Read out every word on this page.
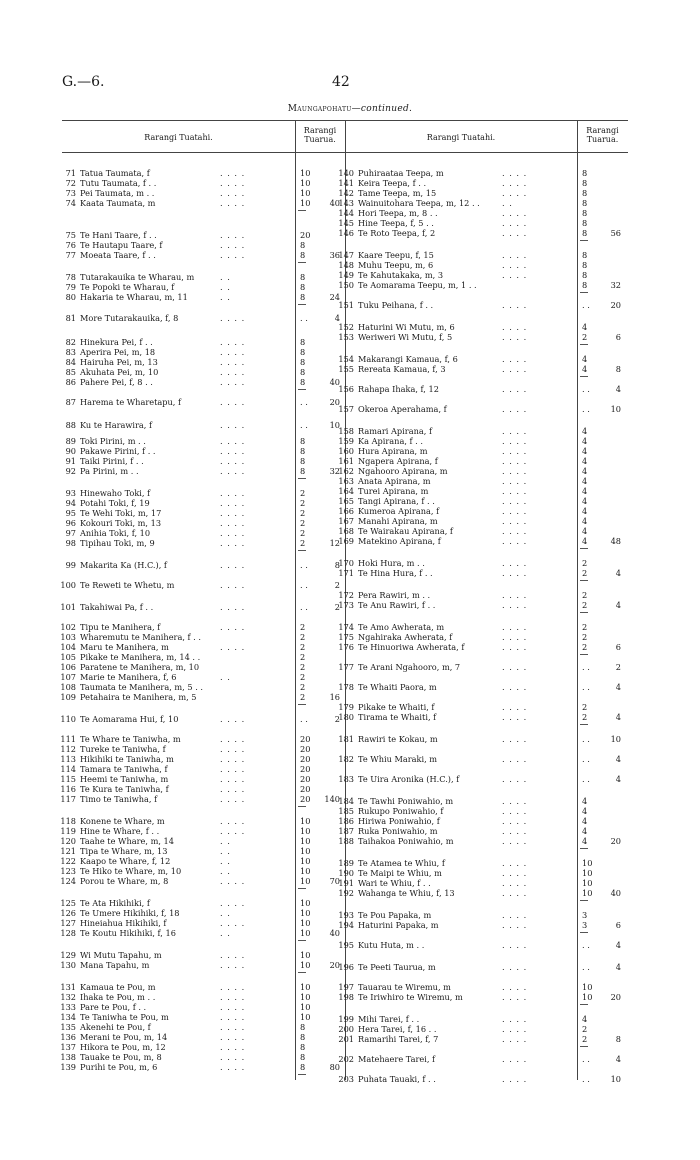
G.—6.	42
Maungapohatu—continued.
Rarangi Tuatahi.
Rarangi
Tuarua.	Rarangi Tuatahi.
Rarangi
Tuarua.
71 Tatua Taumata, f	. . . .	10
72 Tutu Taumata, f . .	. . . .	10
73 Pei Taumata, m . .	. . . .	10
74 Kaata Taumata, m	. . . .	10	40
75 Te Hani Taare, f . .	. . . .	20
76 Te Hautapu Taare, f	. . . .	8
77 Moeata Taare, f . .	. . . .	8	36
78 Tutarakauika te Wharau, m	. .	8
79 Te Popoki te Wharau, f	. .	8
80 Hakaria te Wharau, m, 11	. .	8	24
81 More Tutarakauika, f, 8	. . . .	. .	4
82 Hinekura Pei, f . .	. . . .	8
83 Aperira Pei, m, 18	. . . .	8
84 Hairuha Pei, m, 13	. . . .	8
85 Akuhata Pei, m, 10	. . . .	8
86 Pahere Pei, f, 8 . .	. . . .	8	40
87 Harema te Wharetapu, f	. . . .	. .	20
88 Ku te Harawira, f	. . . .	. .	10
89 Toki Pirini, m . .	. . . .	8
90 Pakawe Pirini, f . .	. . . .	8
91 Taiki Pirini, f . .	. . . .	8
92 Pa Pirini, m . .	. . . .	8	32
93 Hinewaho Toki, f	. . . .	2
94 Potahi Toki, f, 19	. . . .	2
95 Te Wehi Toki, m, 17	. . . .	2
96 Kokouri Toki, m, 13	. . . .	2
97 Anihia Toki, f, 10	. . . .	2
98 Tipihau Toki, m, 9	. . . .	2	12
99 Makarita Ka (H.C.), f	. . . .	. .	8
100 Te Reweti te Whetu, m	. . . .	. .	2
101 Takahiwai Pa, f . .	. . . .	. .	2
102 Tipu te Manihera, f	. . . .	2
103 Wharemutu te Manihera, f . .	2
104 Maru te Manihera, m	. . . .	2
105 Pikake te Manihera, m, 14 . .	2
106 Paratene te Manihera, m, 10	2
107 Marie te Manihera, f, 6	. .	2
108 Taumata te Manihera, m, 5 . .	2
109 Petahaira te Manihera, m, 5	2	16
110 Te Aomarama Hui, f, 10	. . . .	. .	2
111 Te Whare te Taniwha, m	. . . .	20
112 Tureke te Taniwha, f	. . . .	20
113 Hikihiki te Taniwha, m	. . . .	20
114 Tamara te Taniwha, f	. . . .	20
115 Heemi te Taniwha, m	. . . .	20
116 Te Kura te Taniwha, f	. . . .	20
117 Timo te Taniwha, f	. . . .	20 140
118 Konene te Whare, m	. . . .	10
119 Hine te Whare, f . .	. . . .	10
120 Taahe te Whare, m, 14	. .	10
121 Tipa te Whare, m, 13	. .	10
122 Kaapo te Whare, f, 12	. .	10
123 Te Hiko te Whare, m, 10	. .	10
124 Porou te Whare, m, 8	. . . .	10	70
125 Te Ata Hikihiki, f	. . . .	10
126 Te Umere Hikihiki, f, 18	. .	10
127 Hineiahua Hikihiki, f	. . . .	10
128 Te Koutu Hikihiki, f, 16	. .	10	40
129 Wi Mutu Tapahu, m	. . . .	10
130 Mana Tapahu, m	. . . .	10	20
131 Kamaua te Pou, m	. . . .	10
132 Ihaka te Pou, m . .	. . . .	10
133 Pare te Pou, f . .	. . . .	10
134 Te Taniwha te Pou, m	. . . .	10
135 Akenehi te Pou, f	. . . .	8
136 Merani te Pou, m, 14	. . . .	8
137 Hikora te Pou, m, 12	. . . .	8
138 Tauake te Pou, m, 8	. . . .	8
139 Purihi te Pou, m, 6	. . . .	8	80
140 Puhiraataa Teepa, m	. . . .	8
141 Keira Teepa, f . .	. . . .	8
142 Tame Teepa, m, 15	. . . .	8
143 Wainuitohara Teepa, m, 12 . .	. .	8
144 Hori Teepa, m, 8 . .	. . . .	8
145 Hine Teepa, f, 5 . .	. . . .	8
146 Te Roto Teepa, f, 2	. . . .	8	56
147 Kaare Teepu, f, 15	. . . .	8
148 Muhu Teepu, m, 6	. . . .	8
149 Te Kahutakaka, m, 3	. . . .	8
150 Te Aomarama Teepu, m, 1 . .	8	32
151 Tuku Peihana, f . .	. . . .	. .	20
152 Haturini Wi Mutu, m, 6	. . . .	4
153 Weriweri Wi Mutu, f, 5	. . . .	2	6
154 Makarangi Kamaua, f, 6	. . . .	4
155 Rereata Kamaua, f, 3	. . . .	4	8
156 Rahapa Ihaka, f, 12	. . . .	. .	4
157 Okeroa Aperahama, f	. . . .	. .	10
158 Ramari Apirana, f	. . . .	4
159 Ka Apirana, f . .	. . . .	4
160 Hura Apirana, m	. . . .	4
161 Ngapera Apirana, f	. . . .	4
162 Ngahooro Apirana, m	. . . .	4
163 Anata Apirana, m	. . . .	4
164 Turei Apirana, m	. . . .	4
165 Tangi Apirana, f . .	. . . .	4
166 Kumeroa Apirana, f	. . . .	4
167 Manahi Apirana, m	. . . .	4
168 Te Wairakau Apirana, f	. . . .	4
169 Matekino Apirana, f	. . . .	4	48
170 Hoki Hura, m . .	. . . .	2
171 Te Hina Hura, f . .	. . . .	2	4
172 Pera Rawiri, m . .	. . . .	2
173 Te Anu Rawiri, f . .	. . . .	2	4
174 Te Amo Awherata, m	. . . .	2
175 Ngahiraka Awherata, f	. . . .	2
176 Te Hinuoriwa Awherata, f	. . . .	2	6
177 Te Arani Ngahooro, m, 7	. . . .	. .	2
178 Te Whaiti Paora, m	. . . .	. .	4
179 Pikake te Whaiti, f	. . . .	2
180 Tirama te Whaiti, f	. . . .	2	4
181 Rawiri te Kokau, m	. . . .	. .	10
182 Te Whiu Maraki, m	. . . .	. .	4
183 Te Uira Aronika (H.C.), f	. . . .	. .	4
184 Te Tawhi Poniwahio, m	. . . .	4
185 Rukupo Poniwahio, f	. . . .	4
186 Hiriwa Poniwahio, f	. . . .	4
187 Ruka Poniwahio, m	. . . .	4
188 Taihakoa Poniwahio, m	. . . .	4	20
189 Te Atamea te Whiu, f	. . . .	10
190 Te Maipi te Whiu, m	. . . .	10
191 Wari te Whiu, f . .	. . . .	10
192 Wahanga te Whiu, f, 13	. . . .	10	40
193 Te Pou Papaka, m	. . . .	3
194 Haturini Papaka, m	. . . .	3	6
195 Kutu Huta, m . .	. . . .	. .	4
196 Te Peeti Taurua, m	. . . .	. .	4
197 Tauarau te Wiremu, m	. . . .	10
198 Te Iriwhiro te Wiremu, m	. . . .	10	20
199 Mihi Tarei, f . .	. . . .	4
200 Hera Tarei, f, 16 . .	. . . .	2
201 Ramarihi Tarei, f, 7	. . . .	2	8
202 Matehaere Tarei, f	. . . .	. .	4
203 Puhata Tauaki, f . .	. . . .	. .	10
